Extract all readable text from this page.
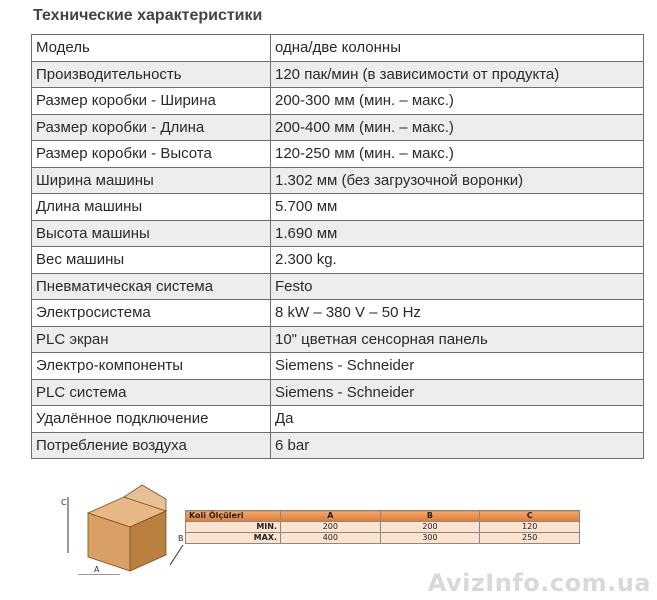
Технические характеристики
Модель	одна/две колонны
Производительность	120 пак/мин (в зависимости от продукта)
Размер коробки - Ширина	200-300 мм (мин. – макс.)
Размер коробки - Длина	200-400 мм (мин. – макс.)
Размер коробки - Высота	120-250 мм (мин. – макс.)
Ширина машины	1.302 мм (без загрузочной воронки)
Длина машины	5.700 мм
Высота машины	1.690 мм
Вес машины	2.300 kg.
Пневматическая система	Festo
Электросистема	8 kW – 380 V – 50 Hz
PLC экран	10" цветная сенсорная панель
Электро-компоненты	Siemens - Schneider
PLC система	Siemens - Schneider
Удалённое подключение	Да
Потребление воздуха	6 bar
C
A
B
Koli Ölçüleri	A	B	C
MIN.	200	200	120
MAX.	400	300	250
AvizInfo.com.ua
